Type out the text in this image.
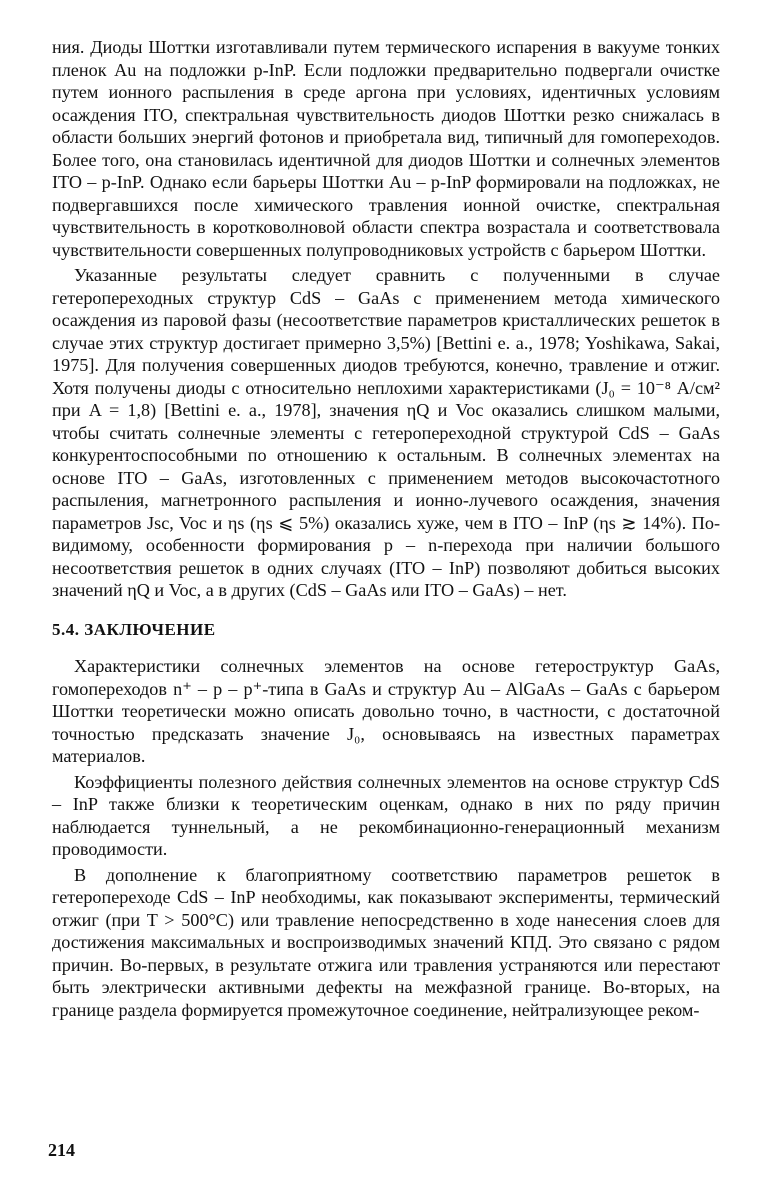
ния. Диоды Шоттки изготавливали путем термического испарения в вакууме тонких пленок Au на подложки p-InP. Если подложки предварительно подвергали очистке путем ионного распыления в среде аргона при условиях, идентичных условиям осаждения ITO, спектральная чувствительность диодов Шоттки резко снижалась в области больших энергий фотонов и приобретала вид, типичный для гомопереходов. Более того, она становилась идентичной для диодов Шоттки и солнечных элементов ITO – p-InP. Однако если барьеры Шоттки Au – p-InP формировали на подложках, не подвергавшихся после химического травления ионной очистке, спектральная чувствительность в коротковолновой области спектра возрастала и соответствовала чувствительности совершенных полупроводниковых устройств с барьером Шоттки.

Указанные результаты следует сравнить с полученными в случае гетеропереходных структур CdS – GaAs с применением метода химического осаждения из паровой фазы (несоответствие параметров кристаллических решеток в случае этих структур достигает примерно 3,5%) [Bettini e. a., 1978; Yoshikawa, Sakai, 1975]. Для получения совершенных диодов требуются, конечно, травление и отжиг. Хотя получены диоды с относительно неплохими характеристиками (J₀ = 10⁻⁸ А/см² при A = 1,8) [Bettini e. a., 1978], значения ηQ и Voc оказались слишком малыми, чтобы считать солнечные элементы с гетеропереходной структурой CdS – GaAs конкурентоспособными по отношению к остальным. В солнечных элементах на основе ITO – GaAs, изготовленных с применением методов высокочастотного распыления, магнетронного распыления и ионно-лучевого осаждения, значения параметров Jsc, Voc и ηs (ηs ⩽ 5%) оказались хуже, чем в ITO – InP (ηs ≳ 14%). По-видимому, особенности формирования p – n-перехода при наличии большого несоответствия решеток в одних случаях (ITO – InP) позволяют добиться высоких значений ηQ и Voc, а в других (CdS – GaAs или ITO – GaAs) – нет.

5.4. ЗАКЛЮЧЕНИЕ

Характеристики солнечных элементов на основе гетероструктур GaAs, гомопереходов n⁺ – p – p⁺-типа в GaAs и структур Au – AlGaAs – GaAs с барьером Шоттки теоретически можно описать довольно точно, в частности, с достаточной точностью предсказать значение J₀, основываясь на известных параметрах материалов.

Коэффициенты полезного действия солнечных элементов на основе структур CdS – InP также близки к теоретическим оценкам, однако в них по ряду причин наблюдается туннельный, а не рекомбинационно-генерационный механизм проводимости.

В дополнение к благоприятному соответствию параметров решеток в гетеропереходе CdS – InP необходимы, как показывают эксперименты, термический отжиг (при T > 500°C) или травление непосредственно в ходе нанесения слоев для достижения максимальных и воспроизводимых значений КПД. Это связано с рядом причин. Во-первых, в результате отжига или травления устраняются или перестают быть электрически активными дефекты на межфазной границе. Во-вторых, на границе раздела формируется промежуточное соединение, нейтрализующее реком-

214
